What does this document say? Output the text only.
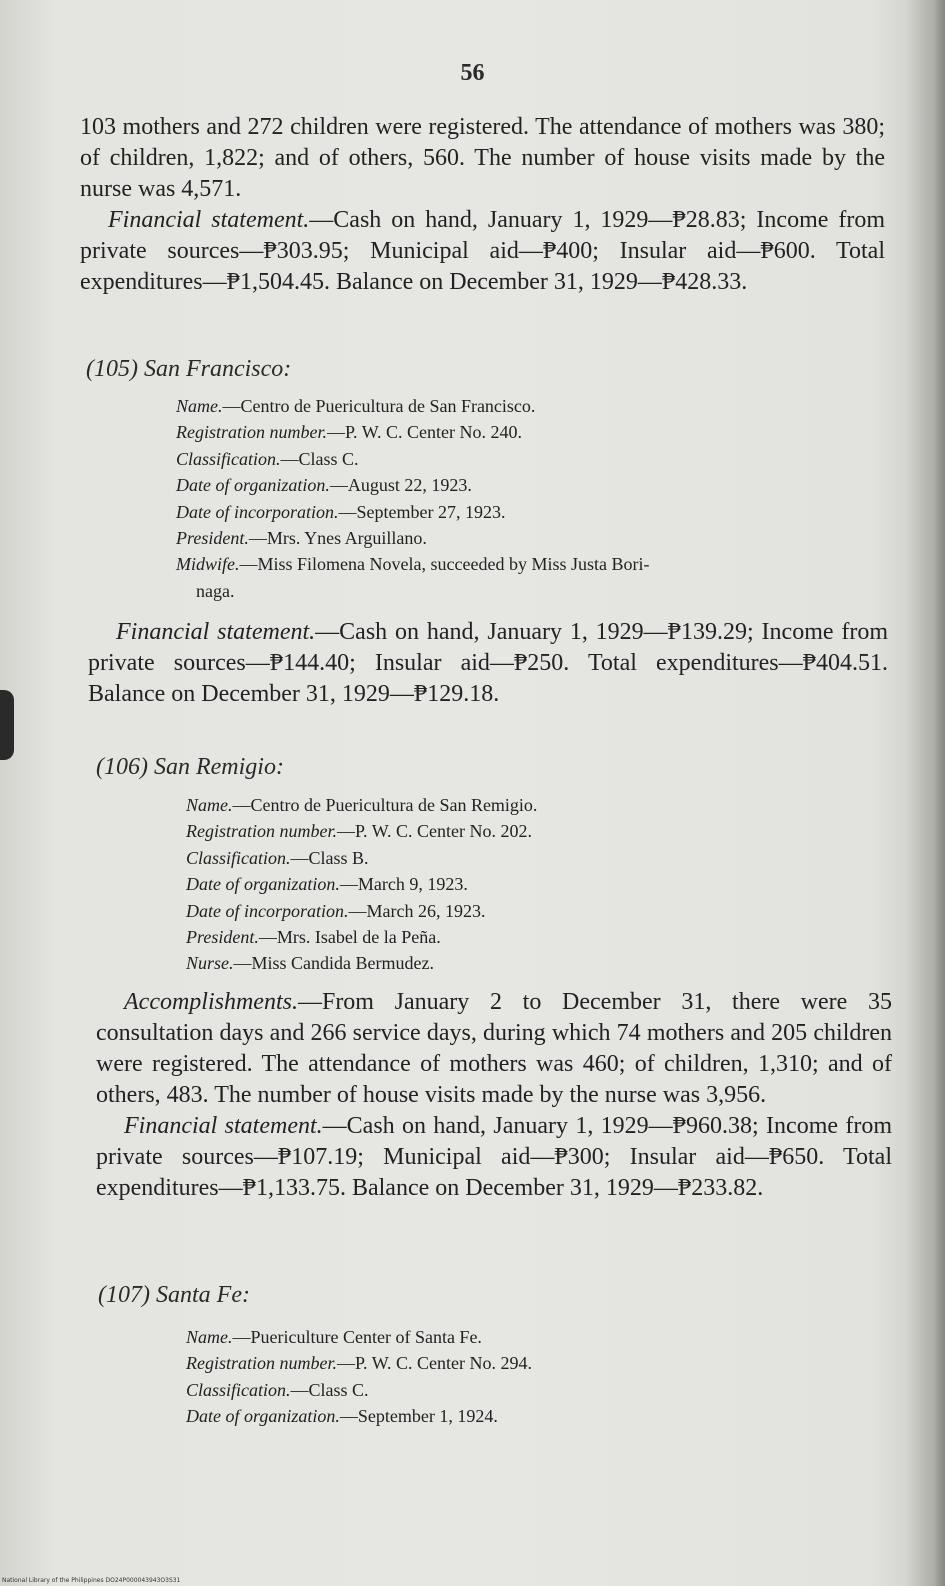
56

103 mothers and 272 children were registered. The attendance of mothers was 380; of children, 1,822; and of others, 560. The number of house visits made by the nurse was 4,571.

Financial statement.—Cash on hand, January 1, 1929—₱28.83; Income from private sources—₱303.95; Municipal aid—₱400; Insular aid—₱600. Total expenditures—₱1,504.45. Balance on December 31, 1929—₱428.33.

(105) San Francisco:
Name.—Centro de Puericultura de San Francisco.
Registration number.—P. W. C. Center No. 240.
Classification.—Class C.
Date of organization.—August 22, 1923.
Date of incorporation.—September 27, 1923.
President.—Mrs. Ynes Arguillano.
Midwife.—Miss Filomena Novela, succeeded by Miss Justa Bori-
naga.

Financial statement.—Cash on hand, January 1, 1929—₱139.29; Income from private sources—₱144.40; Insular aid—₱250. Total expenditures—₱404.51. Balance on December 31, 1929—₱129.18.

(106) San Remigio:
Name.—Centro de Puericultura de San Remigio.
Registration number.—P. W. C. Center No. 202.
Classification.—Class B.
Date of organization.—March 9, 1923.
Date of incorporation.—March 26, 1923.
President.—Mrs. Isabel de la Peña.
Nurse.—Miss Candida Bermudez.

Accomplishments.—From January 2 to December 31, there were 35 consultation days and 266 service days, during which 74 mothers and 205 children were registered. The attendance of mothers was 460; of children, 1,310; and of others, 483. The number of house visits made by the nurse was 3,956.

Financial statement.—Cash on hand, January 1, 1929—₱960.38; Income from private sources—₱107.19; Municipal aid—₱300; Insular aid—₱650. Total expenditures—₱1,133.75. Balance on December 31, 1929—₱233.82.

(107) Santa Fe:
Name.—Puericulture Center of Santa Fe.
Registration number.—P. W. C. Center No. 294.
Classification.—Class C.
Date of organization.—September 1, 1924.
National Library of the Philippines DO24P000043943O3S31
